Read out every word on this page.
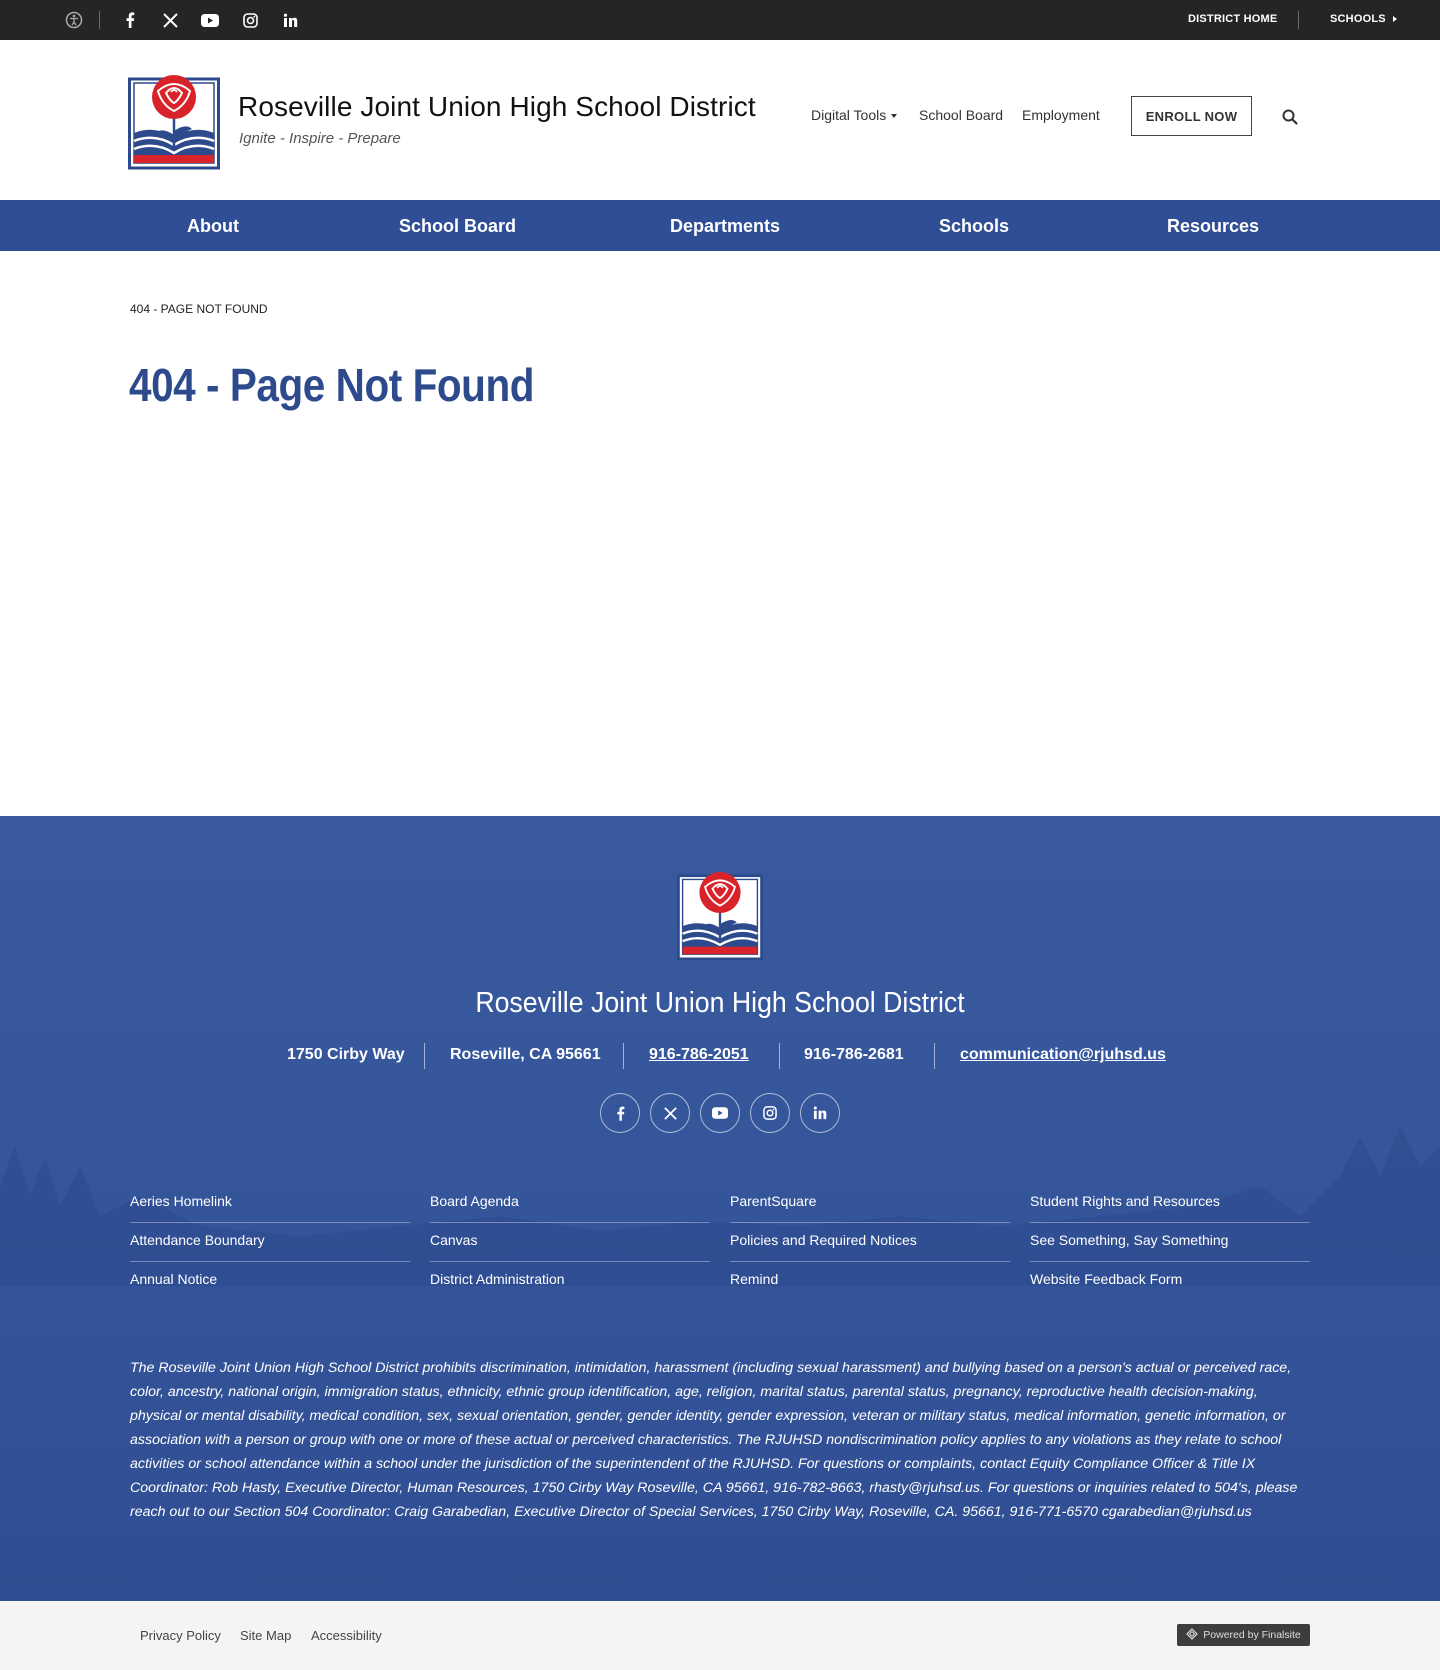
DISTRICT HOME	SCHOOLS
Roseville Joint Union High School District
Ignite - Inspire - Prepare
Digital Tools	School Board Employment	ENROLL NOW
About	School Board	Departments	Schools	Resources
404 - PAGE NOT FOUND
404 - Page Not Found
Roseville Joint Union High School District
1750 Cirby Way	Roseville, CA 95661	916-786-2051	916-786-2681	communication@rjuhsd.us
Aeries Homelink
Attendance Boundary
Annual Notice
Board Agenda
Canvas
District Administration
ParentSquare
Policies and Required Notices
Remind
Student Rights and Resources
See Something, Say Something
Website Feedback Form

The Roseville Joint Union High School District prohibits discrimination, intimidation, harassment (including sexual harassment) and bullying based on a person's actual or perceived race, color, ancestry, national origin, immigration status, ethnicity, ethnic group identification, age, religion, marital status, parental status, pregnancy, reproductive health decision-making, physical or mental disability, medical condition, sex, sexual orientation, gender, gender identity, gender expression, veteran or military status, medical information, genetic information, or association with a person or group with one or more of these actual or perceived characteristics. The RJUHSD nondiscrimination policy applies to any violations as they relate to school activities or school attendance within a school under the jurisdiction of the superintendent of the RJUHSD. For questions or complaints, contact Equity Compliance Officer & Title IX Coordinator: Rob Hasty, Executive Director, Human Resources, 1750 Cirby Way Roseville, CA 95661, 916-782-8663, rhasty@rjuhsd.us. For questions or inquiries related to 504's, please reach out to our Section 504 Coordinator: Craig Garabedian, Executive Director of Special Services, 1750 Cirby Way, Roseville, CA. 95661, 916-771-6570 cgarabedian@rjuhsd.us

Privacy Policy Site Map Accessibility	Powered by Finalsite
